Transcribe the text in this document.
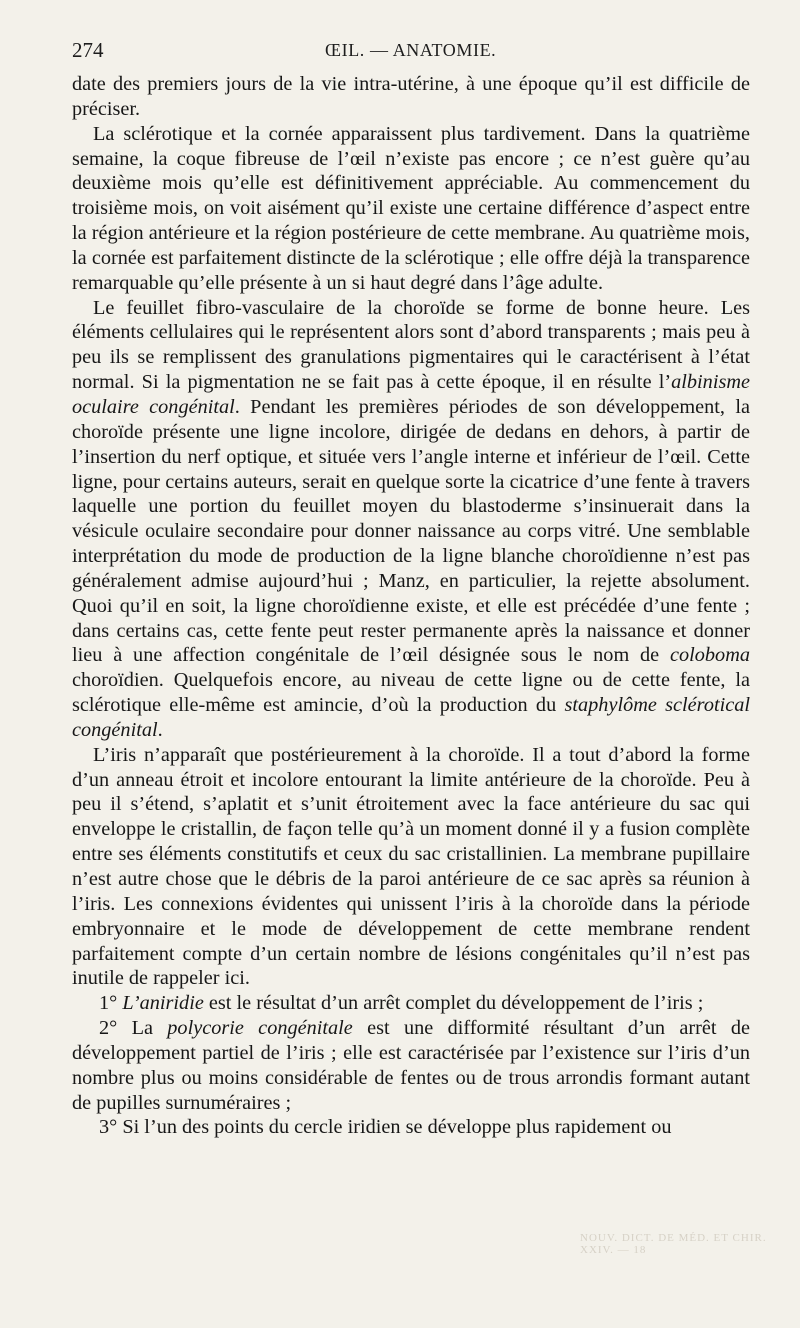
274	ŒIL. — ANATOMIE.

date des premiers jours de la vie intra-utérine, à une époque qu’il est difficile de préciser.

La sclérotique et la cornée apparaissent plus tardivement. Dans la quatrième semaine, la coque fibreuse de l’œil n’existe pas encore ; ce n’est guère qu’au deuxième mois qu’elle est définitivement appréciable. Au commencement du troisième mois, on voit aisément qu’il existe une certaine différence d’aspect entre la région antérieure et la région postérieure de cette membrane. Au quatrième mois, la cornée est parfaitement distincte de la sclérotique ; elle offre déjà la transparence remarquable qu’elle présente à un si haut degré dans l’âge adulte.

Le feuillet fibro-vasculaire de la choroïde se forme de bonne heure. Les éléments cellulaires qui le représentent alors sont d’abord transparents ; mais peu à peu ils se remplissent des granulations pigmentaires qui le caractérisent à l’état normal. Si la pigmentation ne se fait pas à cette époque, il en résulte l’albinisme oculaire congénital. Pendant les premières périodes de son développement, la choroïde présente une ligne incolore, dirigée de dedans en dehors, à partir de l’insertion du nerf optique, et située vers l’angle interne et inférieur de l’œil. Cette ligne, pour certains auteurs, serait en quelque sorte la cicatrice d’une fente à travers laquelle une portion du feuillet moyen du blastoderme s’insinuerait dans la vésicule oculaire secondaire pour donner naissance au corps vitré. Une semblable interprétation du mode de production de la ligne blanche choroïdienne n’est pas généralement admise aujourd’hui ; Manz, en particulier, la rejette absolument. Quoi qu’il en soit, la ligne choroïdienne existe, et elle est précédée d’une fente ; dans certains cas, cette fente peut rester permanente après la naissance et donner lieu à une affection congénitale de l’œil désignée sous le nom de coloboma choroïdien. Quelquefois encore, au niveau de cette ligne ou de cette fente, la sclérotique elle-même est amincie, d’où la production du staphylôme sclérotical congénital.

L’iris n’apparaît que postérieurement à la choroïde. Il a tout d’abord la forme d’un anneau étroit et incolore entourant la limite antérieure de la choroïde. Peu à peu il s’étend, s’aplatit et s’unit étroitement avec la face antérieure du sac qui enveloppe le cristallin, de façon telle qu’à un moment donné il y a fusion complète entre ses éléments constitutifs et ceux du sac cristallinien. La membrane pupillaire n’est autre chose que le débris de la paroi antérieure de ce sac après sa réunion à l’iris. Les connexions évidentes qui unissent l’iris à la choroïde dans la période embryonnaire et le mode de développement de cette membrane rendent parfaitement compte d’un certain nombre de lésions congénitales qu’il n’est pas inutile de rappeler ici.

1° L’aniridie est le résultat d’un arrêt complet du développement de l’iris ;

2° La polycorie congénitale est une difformité résultant d’un arrêt de développement partiel de l’iris ; elle est caractérisée par l’existence sur l’iris d’un nombre plus ou moins considérable de fentes ou de trous arrondis formant autant de pupilles surnuméraires ;

3° Si l’un des points du cercle iridien se développe plus rapidement ou

NOUV. DICT. DE MÉD. ET CHIR. XXIV. — 18
